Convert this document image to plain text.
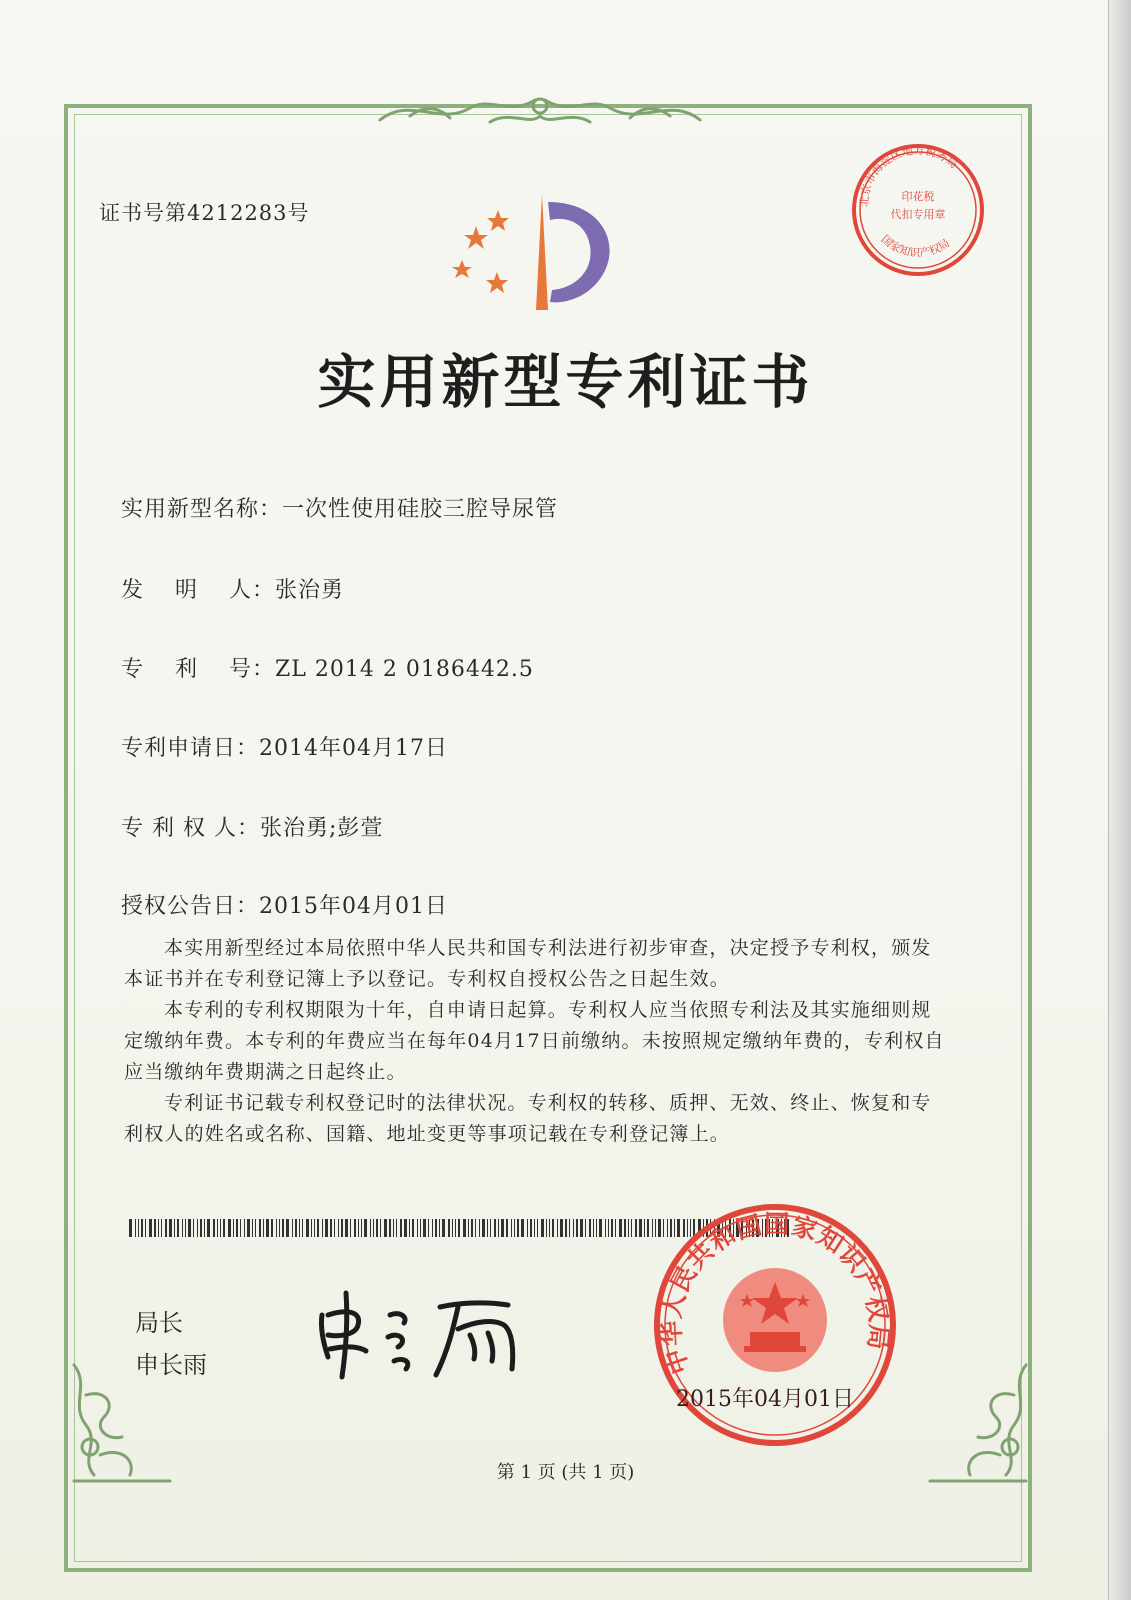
证书号第4212283号
实用新型专利证书
实用新型名称：一次性使用硅胶三腔导尿管
发　 明　 人：张治勇
专　 利　 号：ZL 2014 2 0186442.5
专利申请日：2014年04月17日
专 利 权 人：张治勇;彭萱
授权公告日：2015年04月01日

本实用新型经过本局依照中华人民共和国专利法进行初步审查，决定授予专利权，颁发本证书并在专利登记簿上予以登记。专利权自授权公告之日起生效。

本专利的专利权期限为十年，自申请日起算。专利权人应当依照专利法及其实施细则规定缴纳年费。本专利的年费应当在每年04月17日前缴纳。未按照规定缴纳年费的，专利权自应当缴纳年费期满之日起终止。

专利证书记载专利权登记时的法律状况。专利权的转移、质押、无效、终止、恢复和专利权人的姓名或名称、国籍、地址变更等事项记载在专利登记簿上。

局长
申长雨
北京市海淀区地方税务局
国家知识产权局
印花税
代扣专用章
中华人民共和国国家知识产权局
2015年04月01日
第 1 页 (共 1 页)
